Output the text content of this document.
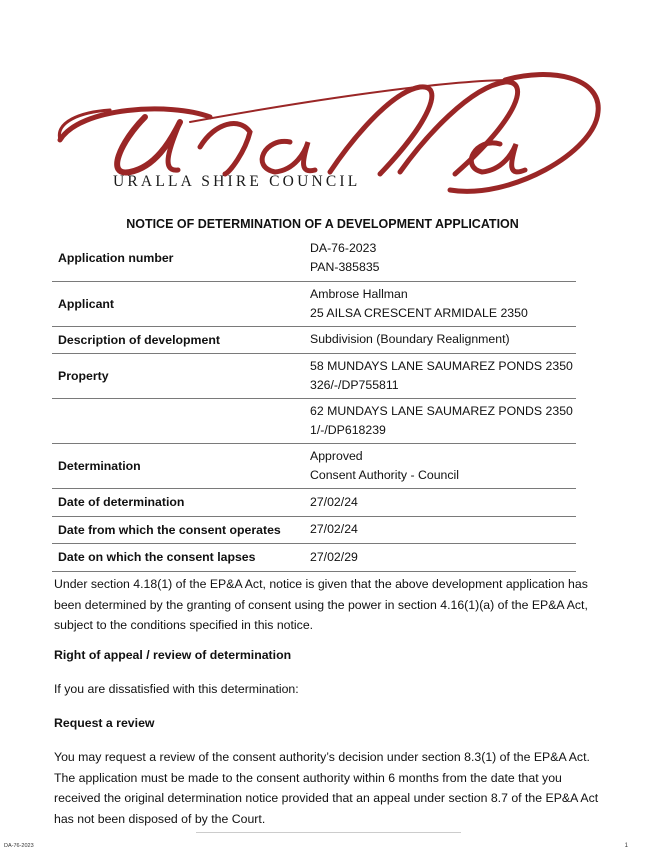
URALLA SHIRE COUNCIL
NOTICE OF DETERMINATION OF A DEVELOPMENT APPLICATION
Application number	DA-76-2023
PAN-385835

Applicant	Ambrose Hallman
25 AILSA CRESCENT ARMIDALE 2350

Description of development	Subdivision (Boundary Realignment)
Property	58 MUNDAYS LANE SAUMAREZ PONDS 2350
326/-/DP755811

	62 MUNDAYS LANE SAUMAREZ PONDS 2350
1/-/DP618239

Determination	Approved
Consent Authority - Council

Date of determination	27/02/24
Date from which the consent operates	27/02/24
Date on which the consent lapses	27/02/29
Under section 4.18(1) of the EP&A Act, notice is given that the above development application has been determined by the granting of consent using the power in section 4.16(1)(a) of the EP&A Act, subject to the conditions specified in this notice.
Right of appeal / review of determination
If you are dissatisfied with this determination:
Request a review
You may request a review of the consent authority’s decision under section 8.3(1) of the EP&A Act. The application must be made to the consent authority within 6 months from the date that you received the original determination notice provided that an appeal under section 8.7 of the EP&A Act has not been disposed of by the Court.
DA-76-2023	1
